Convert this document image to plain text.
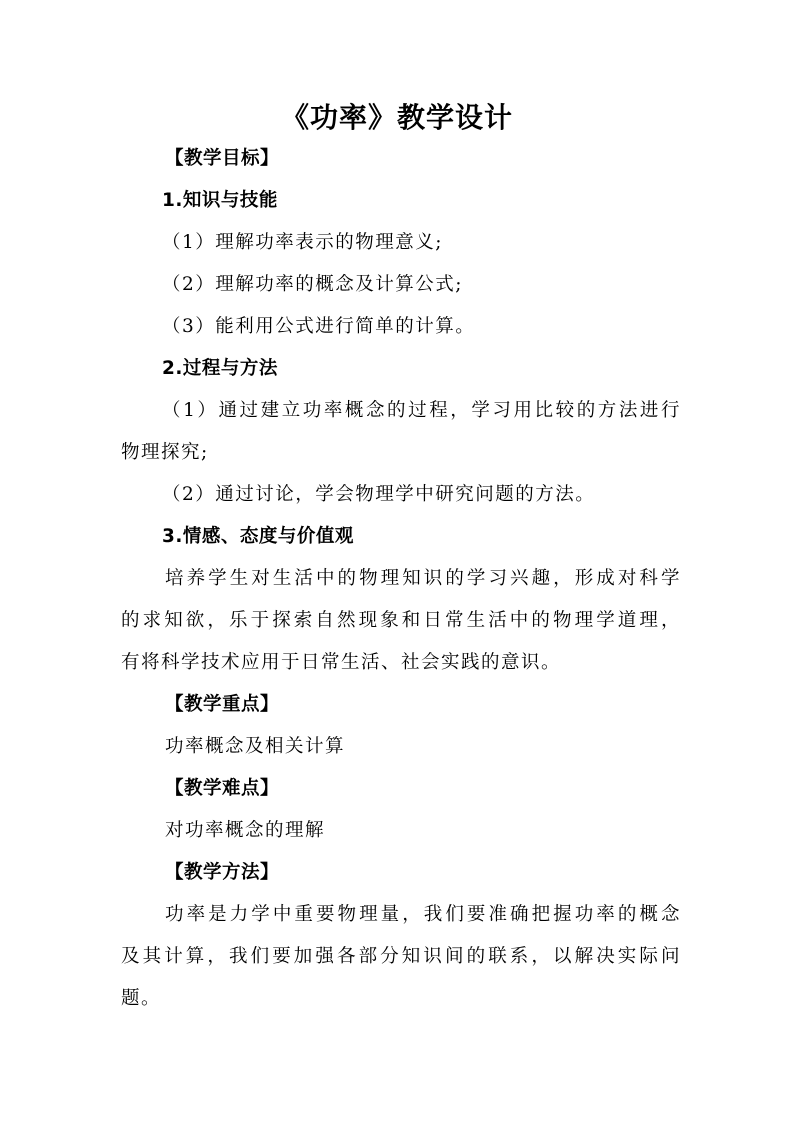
《功率》教学设计
【教学目标】
1.知识与技能
（1）理解功率表示的物理意义;
（2）理解功率的概念及计算公式;
（3）能利用公式进行简单的计算。
2.过程与方法
（1）通过建立功率概念的过程，学习用比较的方法进行
物理探究;
（2）通过讨论，学会物理学中研究问题的方法。
3.情感、态度与价值观
培养学生对生活中的物理知识的学习兴趣，形成对科学
的求知欲，乐于探索自然现象和日常生活中的物理学道理，
有将科学技术应用于日常生活、社会实践的意识。
【教学重点】
功率概念及相关计算
【教学难点】
对功率概念的理解
【教学方法】
功率是力学中重要物理量，我们要准确把握功率的概念
及其计算，我们要加强各部分知识间的联系，以解决实际问
题。
